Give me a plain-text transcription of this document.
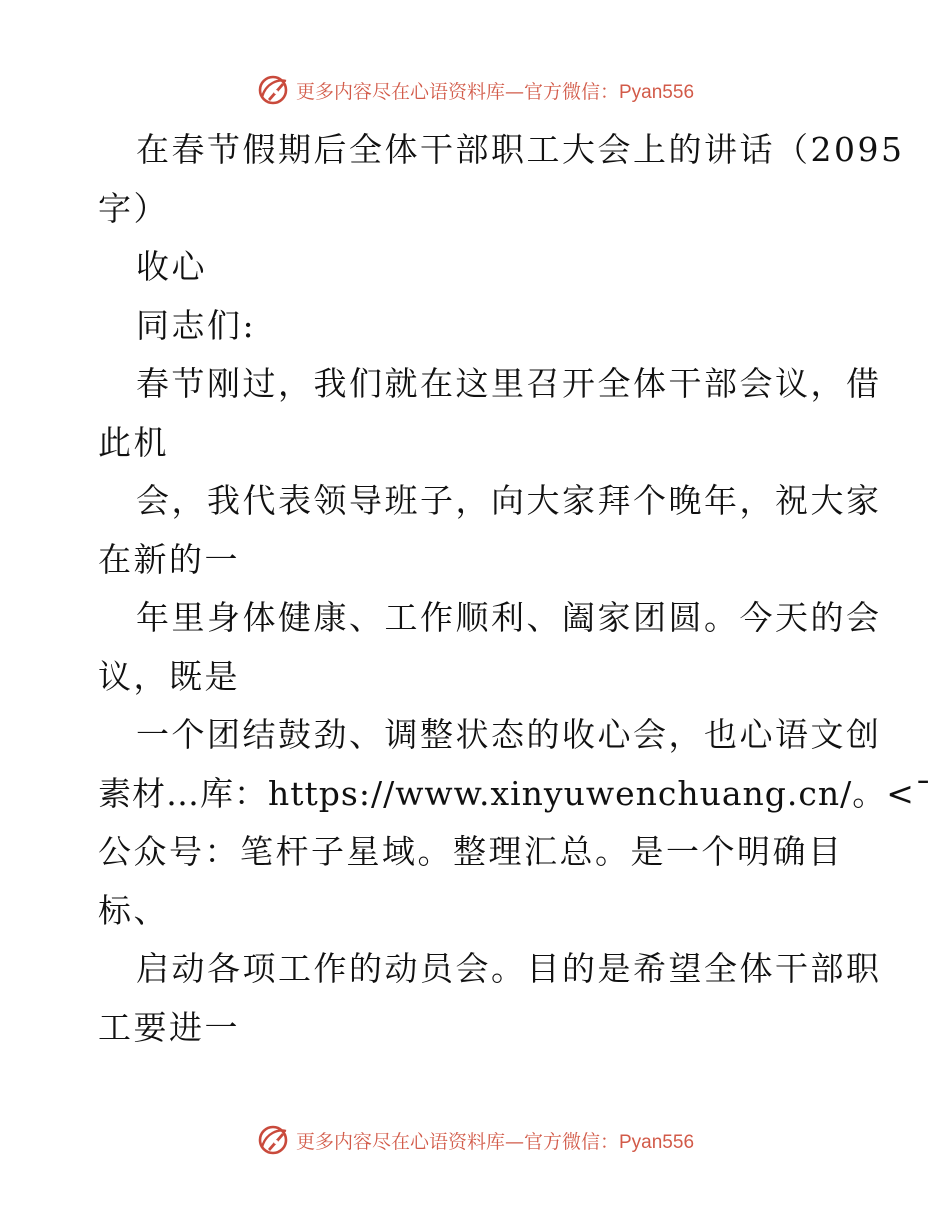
更多内容尽在心语资料库—官方微信：Pyan556
在春节假期后全体干部职工大会上的讲话（2095
字）
收心
同志们:
春节刚过，我们就在这里召开全体干部会议，借
此机
会，我代表领导班子，向大家拜个晚年，祝大家
在新的一
年里身体健康、工作顺利、阖家团圆。今天的会
议，既是
一个团结鼓劲、调整状态的收心会，也心语文创
素材…库：https://www.xinyuwenchuang.cn/。<¯
公众号：笔杆子星域。整理汇总。是一个明确目
标、
启动各项工作的动员会。目的是希望全体干部职
工要进一
更多内容尽在心语资料库—官方微信：Pyan556
